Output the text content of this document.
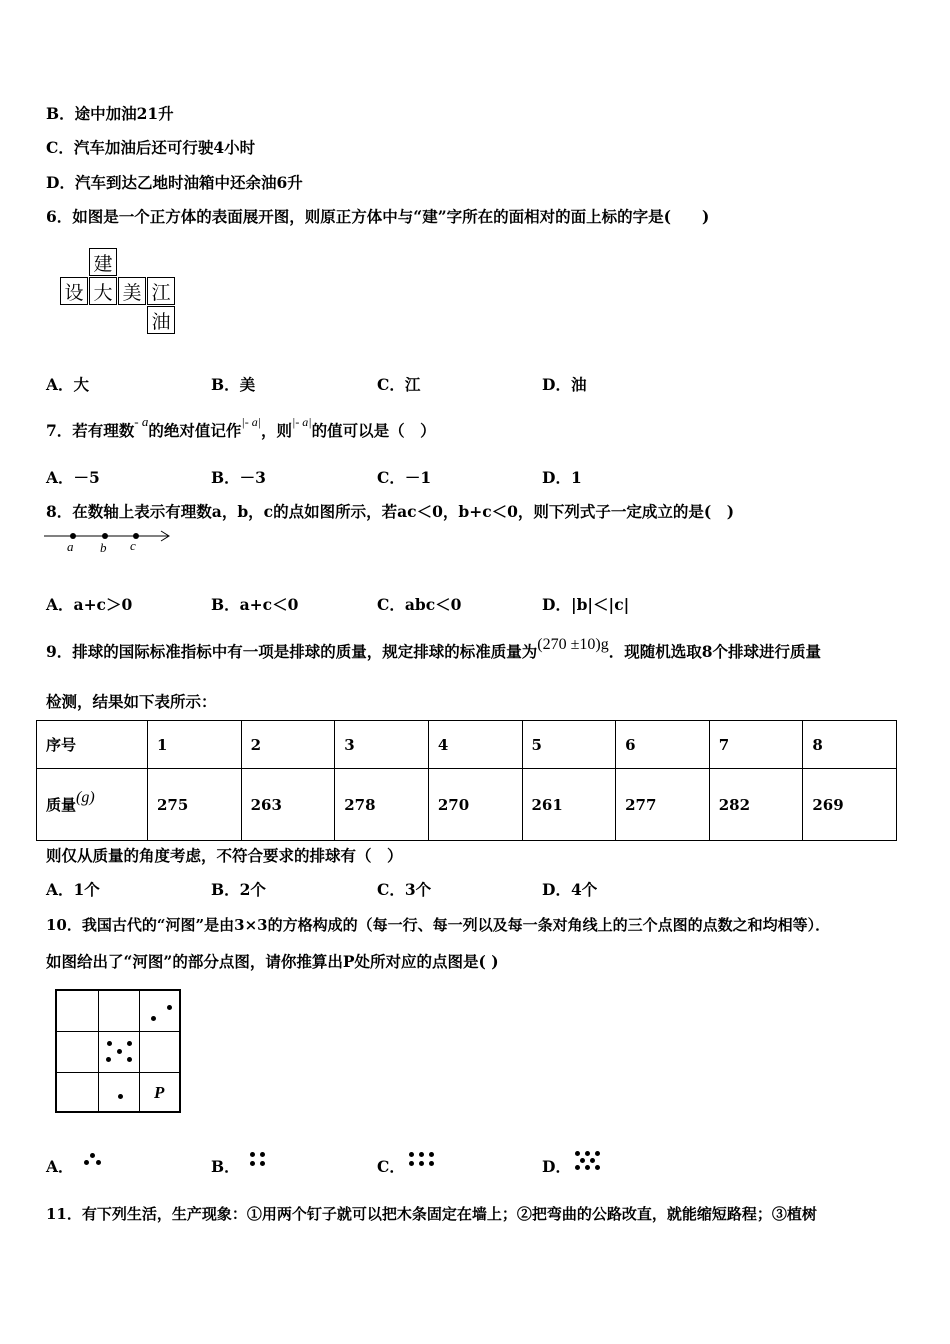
B．途中加油21升
C．汽车加油后还可行驶4小时
D．汽车到达乙地时油箱中还余油6升
6．如图是一个正方体的表面展开图，则原正方体中与“建”字所在的面相对的面上标的字是(　　)
建
设 大 美 江
油
A．大	B．美	C．江	D．油
7．若有理数$^{- a}$的绝对值记作$^{|- a|}$，则$^{|- a|}$的值可以是（　）
A．－5	B．－3	C．－1	D．1
8．在数轴上表示有理数a，b，c的点如图所示，若ac＜0，b+c＜0，则下列式子一定成立的是(　)
a b c
A．a+c＞0	B．a+c＜0	C．abc＜0	D．|b|＜|c|
9．排球的国际标准指标中有一项是排球的质量，规定排球的标准质量为(270 ±10)g．现随机选取8个排球进行质量
检测，结果如下表所示：
序号	1	2	3	4	5	6	7	8
质量(g)	275	263	278	270	261	277	282	269
则仅从质量的角度考虑，不符合要求的排球有（　）
A．1个	B．2个	C．3个	D．4个
10．我国古代的“河图”是由3×3的方格构成的（每一行、每一列以及每一条对角线上的三个点图的点数之和均相等）．
如图给出了“河图”的部分点图，请你推算出P处所对应的点图是( )
P
A．	B．	C．	D．
11．有下列生活，生产现象：①用两个钉子就可以把木条固定在墙上；②把弯曲的公路改直，就能缩短路程；③植树
